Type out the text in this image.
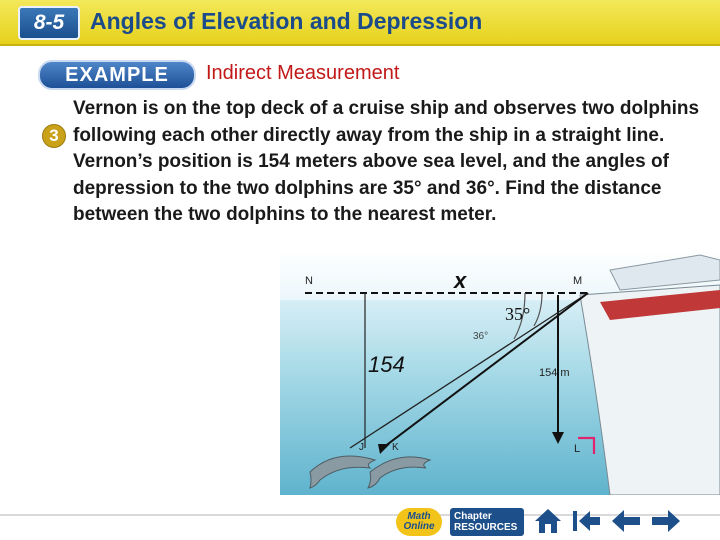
8-5	Angles of Elevation and Depression
EXAMPLE	Indirect Measurement
3
Vernon is on the top deck of a cruise ship and observes two dolphins following each other directly away from the ship in a straight line. Vernon’s position is 154 meters above sea level, and the angles of depression to the two dolphins are 35° and 36°. Find the distance between the two dolphins to the nearest meter.
N	M
x
35°
36°
154	154 m
J	K	L
Math Online
Chapter
RESOURCES
